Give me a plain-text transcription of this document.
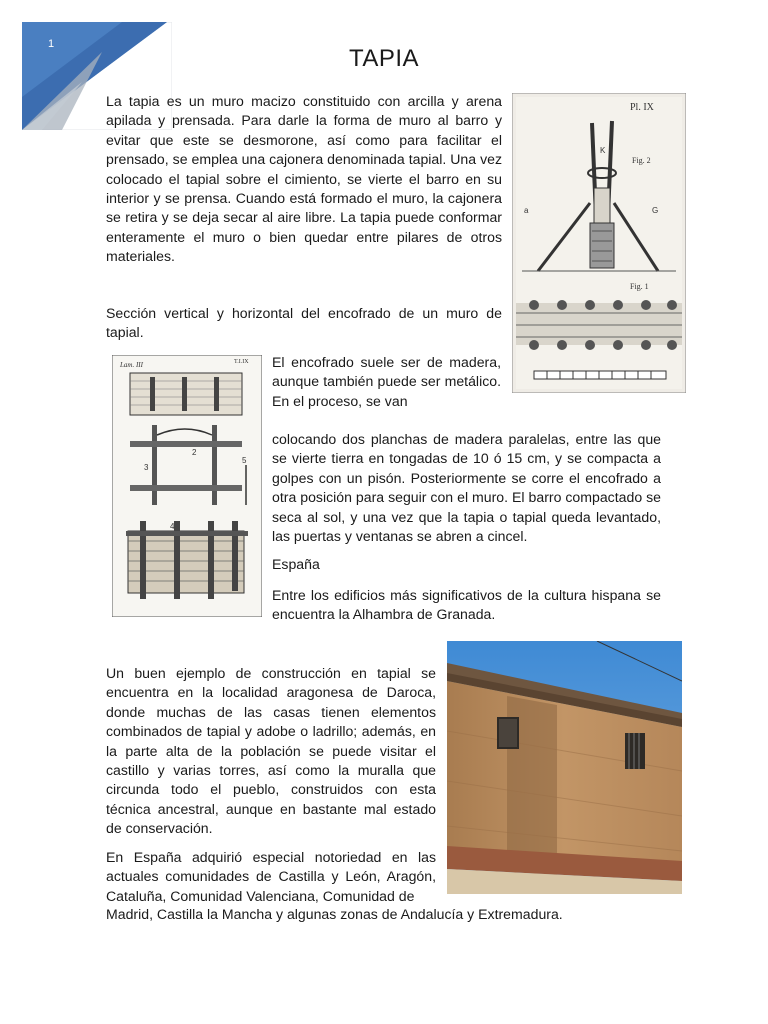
1
TAPIA

La tapia es un muro macizo constituido con arcilla y arena apilada y prensada. Para darle la forma de muro al barro y evitar que este se desmorone, así como para facilitar el prensado, se emplea una cajonera denominada tapial. Una vez colocado el tapial sobre el cimiento, se vierte el barro en su interior y se prensa. Cuando está formado el muro, la cajonera se retira y se deja secar al aire libre. La tapia puede conformar enteramente el muro o bien quedar entre pilares de otros materiales.

Pl. IX
Fig. 2
a	G
K
Fig. 1

Sección vertical y horizontal del encofrado de un muro de tapial.

Lam. III	T.I.IX
3
2
5
4

El encofrado suele ser de madera, aunque también puede ser metálico. En el proceso, se van

colocando dos planchas de madera paralelas, entre las que se vierte tierra en tongadas de 10 ó 15 cm, y se compacta a golpes con un pisón. Posteriormente se corre el encofrado a otra posición para seguir con el muro. El barro compactado se seca al sol, y una vez que la tapia o tapial queda levantado, las puertas y ventanas se abren a cincel.

España

Entre los edificios más significativos de la cultura hispana se encuentra la Alhambra de Granada.

Un buen ejemplo de construcción en tapial se encuentra en la localidad aragonesa de Daroca, donde muchas de las casas tienen elementos combinados de tapial y adobe o ladrillo; además, en la parte alta de la población se puede visitar el castillo y varias torres, así como la muralla que circunda todo el pueblo, construidos con esta técnica ancestral, aunque en bastante mal estado de conservación.

En España adquirió especial notoriedad en las actuales comunidades de Castilla y León, Aragón, Cataluña, Comunidad Valenciana, Comunidad de

Madrid, Castilla la Mancha y algunas zonas de Andalucía y Extremadura.
